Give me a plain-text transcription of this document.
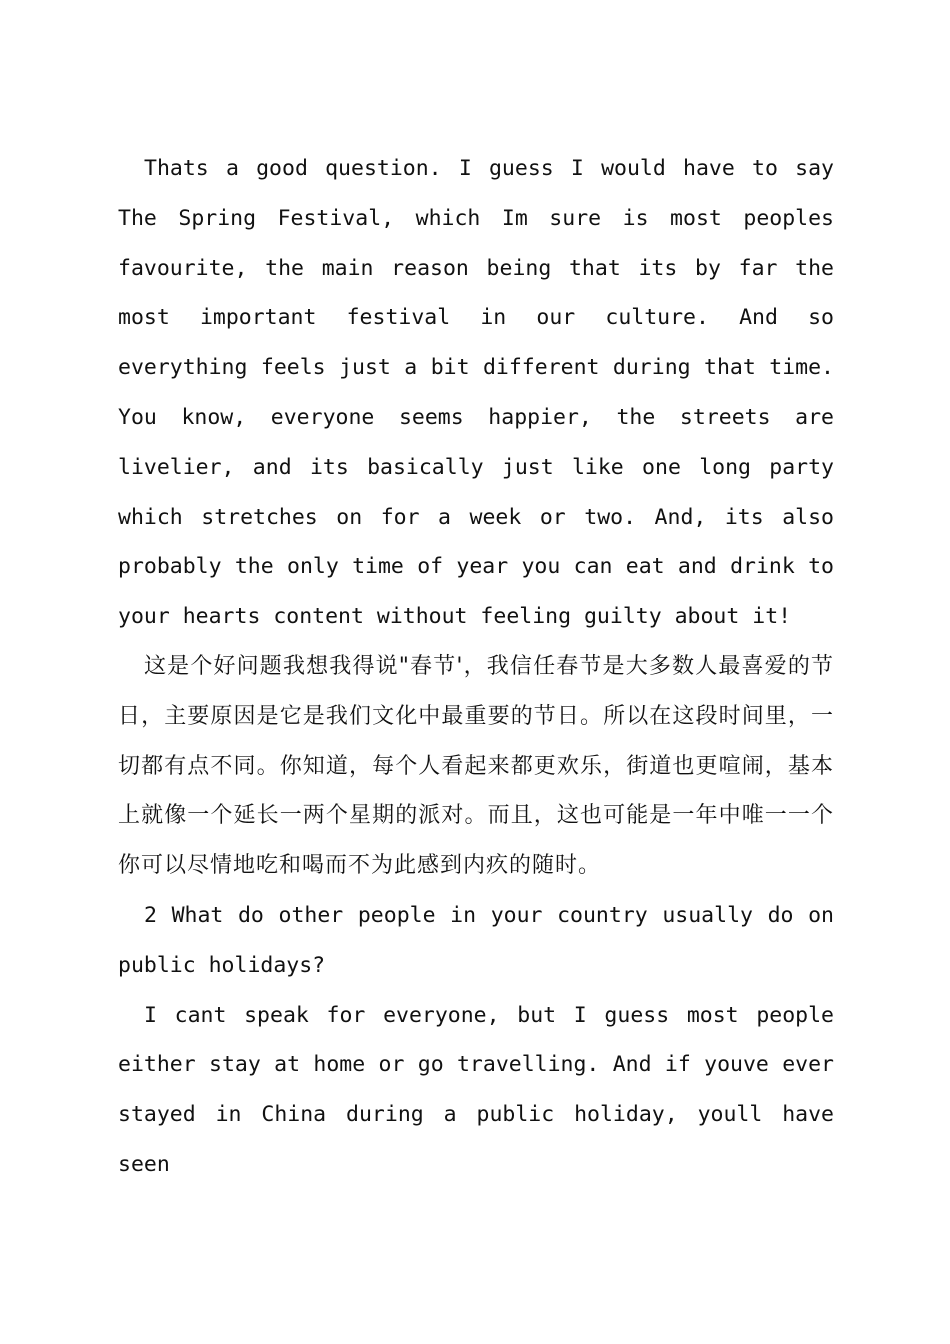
Thats a good question. I guess I would have to say The Spring Festival, which Im sure is most peoples favourite, the main reason being that its by far the most important festival in our culture. And so everything feels just a bit different during that time. You know, everyone seems happier, the streets are livelier, and its basically just like one long party which stretches on for a week or two. And, its also probably the only time of year you can eat and drink to your hearts content without feeling guilty about it!

这是个好问题我想我得说"春节'，我信任春节是大多数人最喜爱的节日，主要原因是它是我们文化中最重要的节日。所以在这段时间里，一切都有点不同。你知道，每个人看起来都更欢乐，街道也更喧闹，基本上就像一个延长一两个星期的派对。而且，这也可能是一年中唯一一个你可以尽情地吃和喝而不为此感到内疚的随时。

2 What do other people in your country usually do on public holidays?

I cant speak for everyone, but I guess most people either stay at home or go travelling. And if youve ever stayed in China during a public holiday, youll have seen
